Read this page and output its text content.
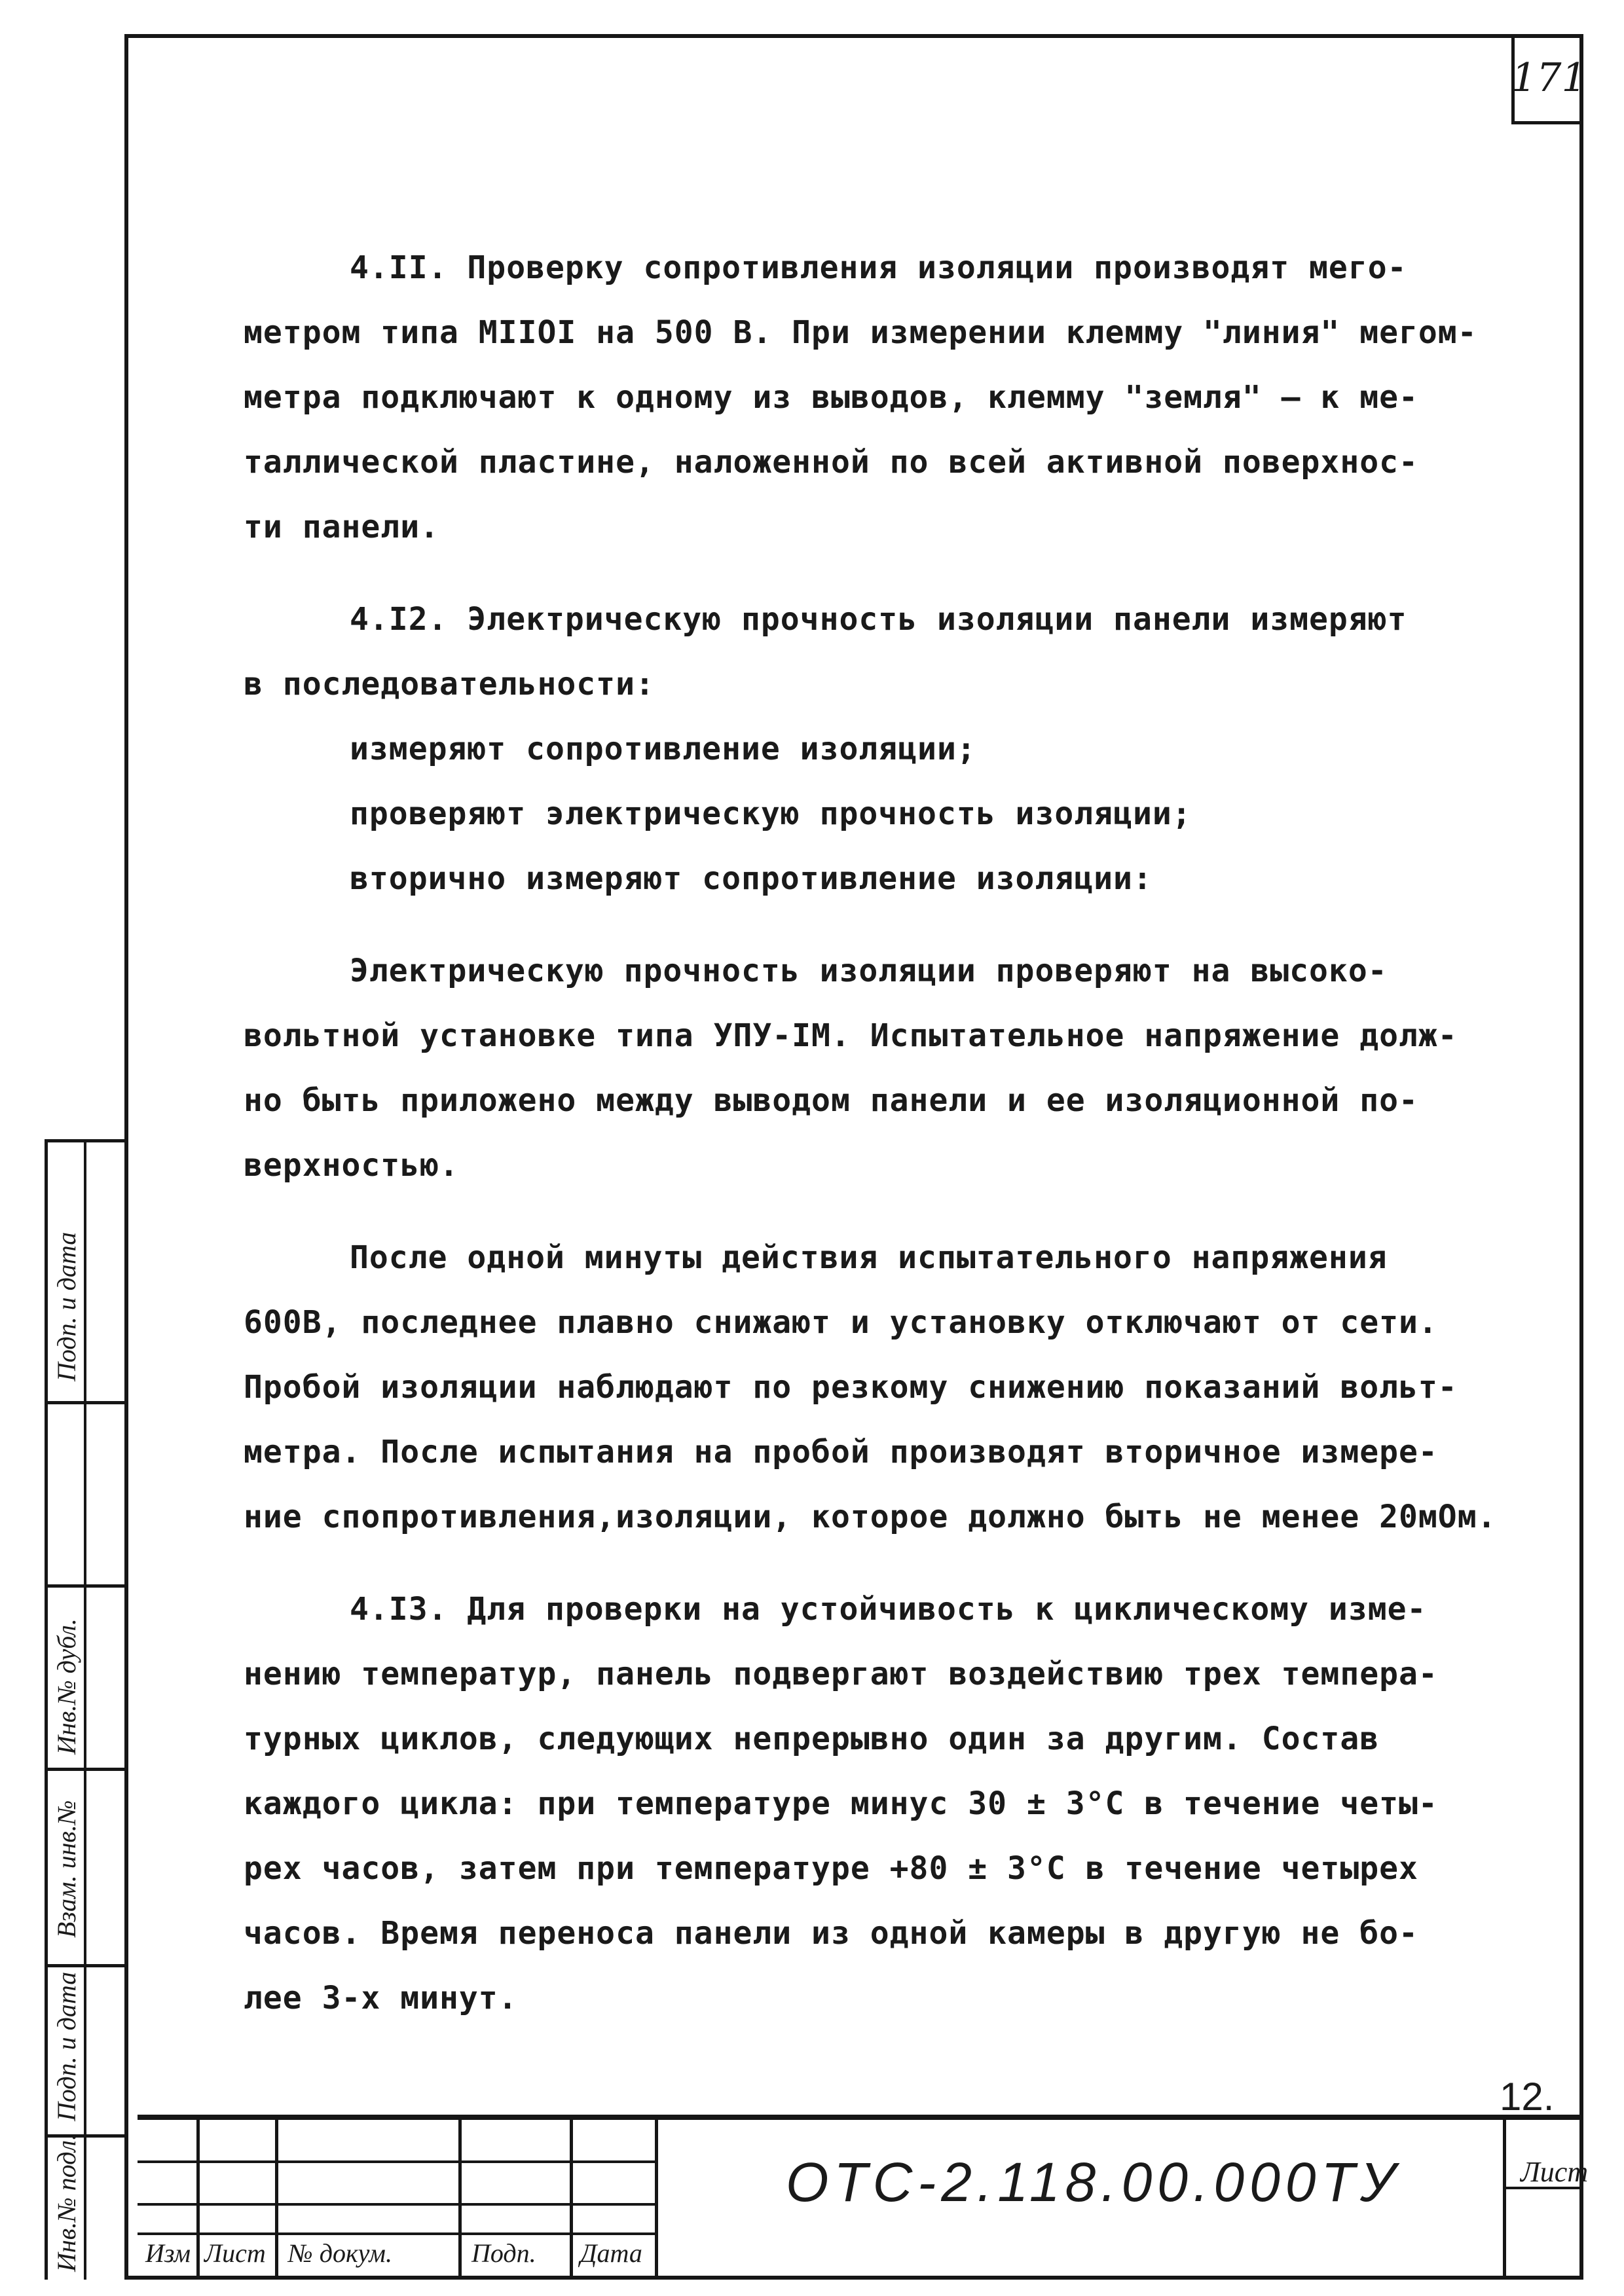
171

4.II. Проверку сопротивления изоляции производят мего-

метром типа МIIОI на 500 В. При измерении клемму "линия" мегом-

метра подключают к одному из выводов, клемму "земля" – к ме-

таллической пластине, наложенной по всей активной поверхнос-

ти панели.

4.I2. Электрическую прочность изоляции панели измеряют

в последовательности:

измеряют сопротивление изоляции;

проверяют электрическую прочность изоляции;

вторично измеряют сопротивление изоляции:

Электрическую прочность изоляции проверяют на высоко-

вольтной установке типа УПУ-IМ. Испытательное напряжение долж-

но быть приложено между выводом панели и ее изоляционной по-

верхностью.

После одной минуты действия испытательного напряжения

600В, последнее плавно снижают и установку отключают от сети.

Пробой изоляции наблюдают по резкому снижению показаний вольт-

метра. После испытания на пробой производят вторичное измере-

ние спопротивления,изоляции, которое должно быть не менее 20мОм.

4.I3. Для проверки на устойчивость к циклическому изме-

нению температур, панель подвергают воздействию трех темпера-

турных циклов, следующих непрерывно один за другим. Состав

каждого цикла: при температуре минус 30 ± 3°С в течение четы-

рех часов, затем при температуре +80 ± 3°С в течение четырех

часов. Время переноса панели из одной камеры в другую не бо-

лее 3-х минут.

12.
Изм Лист № докум.	Подп. Дата
ОТС-2.118.00.000ТУ	Лист
Инв.№ подл.
Подп. и дата
Взам. инв.№
Инв.№ дубл.
Подп. и дата
